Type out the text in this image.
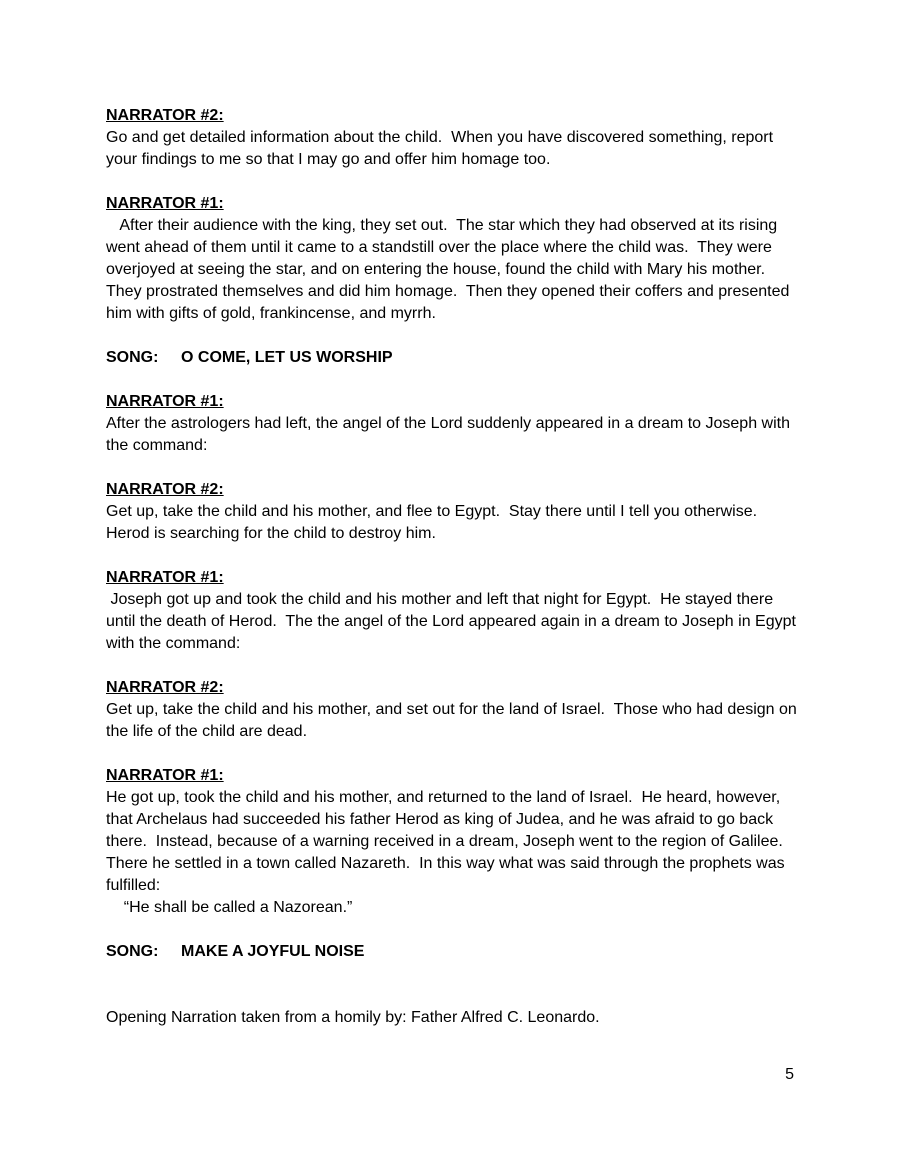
NARRATOR #2:
Go and get detailed information about the child.  When you have discovered something, report your findings to me so that I may go and offer him homage too.
NARRATOR #1:
After their audience with the king, they set out.  The star which they had observed at its rising went ahead of them until it came to a standstill over the place where the child was.  They were overjoyed at seeing the star, and on entering the house, found the child with Mary his mother.  They prostrated themselves and did him homage.  Then they opened their coffers and presented him with gifts of gold, frankincense, and myrrh.
SONG: O COME, LET US WORSHIP
NARRATOR #1:
After the astrologers had left, the angel of the Lord suddenly appeared in a dream to Joseph with the command:
NARRATOR #2:
Get up, take the child and his mother, and flee to Egypt.  Stay there until I tell you otherwise.  Herod is searching for the child to destroy him.
NARRATOR #1:
Joseph got up and took the child and his mother and left that night for Egypt.  He stayed there until the death of Herod.  The the angel of the Lord appeared again in a dream to Joseph in Egypt with the command:
NARRATOR #2:
Get up, take the child and his mother, and set out for the land of Israel.  Those who had design on the life of the child are dead.
NARRATOR #1:
He got up, took the child and his mother, and returned to the land of Israel.  He heard, however, that Archelaus had succeeded his father Herod as king of Judea, and he was afraid to go back there.  Instead, because of a warning received in a dream, Joseph went to the region of Galilee.  There he settled in a town called Nazareth.  In this way what was said through the prophets was fulfilled:
“He shall be called a Nazorean.”
SONG: MAKE A JOYFUL NOISE
Opening Narration taken from a homily by: Father Alfred C. Leonardo.
5
